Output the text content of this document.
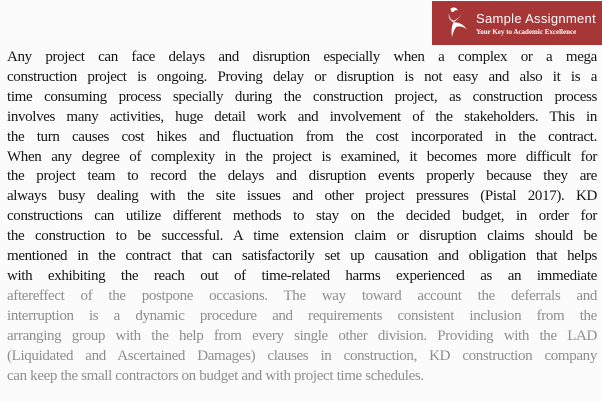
Any project can face delays and disruption especially when a complex or a mega
construction project is ongoing. Proving delay or disruption is not easy and also it is a
time consuming process specially during the construction project, as construction process
involves many activities, huge detail work and involvement of the stakeholders. This in
the turn causes cost hikes and fluctuation from the cost incorporated in the contract.
When any degree of complexity in the project is examined, it becomes more difficult for
the project team to record the delays and disruption events properly because they are
always busy dealing with the site issues and other project pressures (Pistal 2017). KD
constructions can utilize different methods to stay on the decided budget, in order for
the construction to be successful. A time extension claim or disruption claims should be
mentioned in the contract that can satisfactorily set up causation and obligation that helps
with exhibiting the reach out of time-related harms experienced as an immediate
aftereffect of the postpone occasions. The way toward account the deferrals and
interruption is a dynamic procedure and requirements consistent inclusion from the
arranging group with the help from every single other division. Providing with the LAD
(Liquidated and Ascertained Damages) clauses in construction, KD construction company
can keep the small contractors on budget and with project time schedules.
Sample Assignment
Your Key to Academic Excellence
